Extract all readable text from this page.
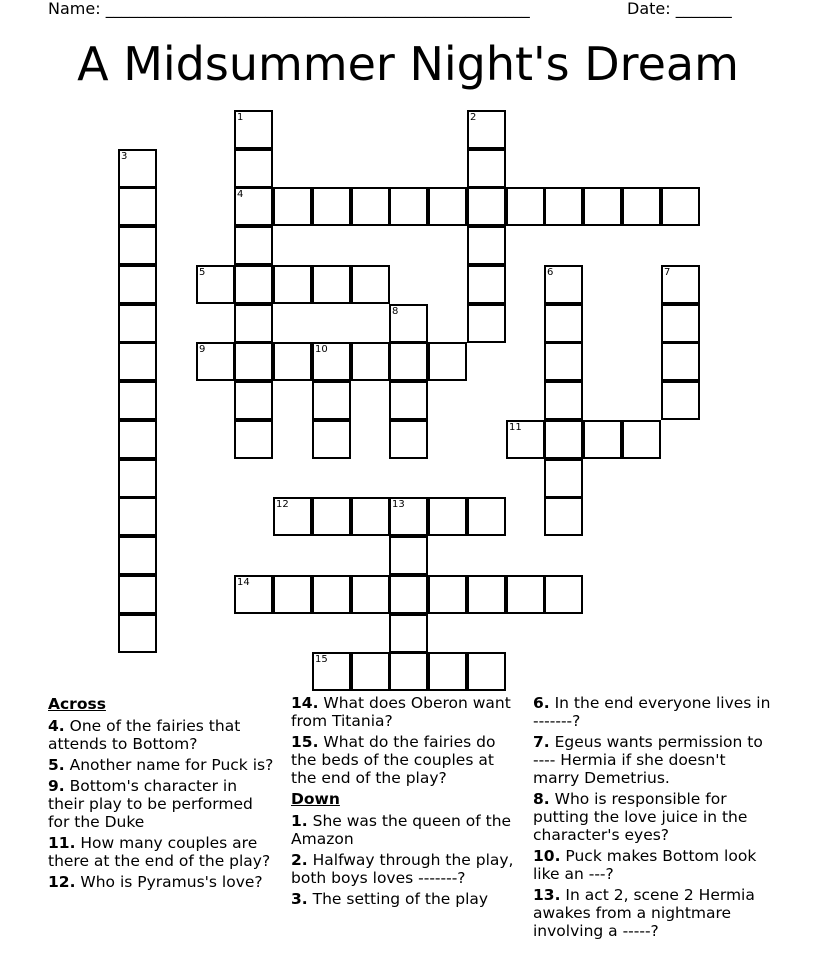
Name: _____________________________________________________	Date: _______
A Midsummer Night's Dream
1	2
3
4
5	6	7
8
9	10
11
12	13
14
15
Across
4. One of the fairies that attends to Bottom?
5. Another name for Puck is?
9. Bottom's character in their play to be performed for the Duke
11. How many couples are there at the end of the play?
12. Who is Pyramus's love?
14. What does Oberon want from Titania?
15. What do the fairies do the beds of the couples at the end of the play?
Down
1. She was the queen of the Amazon
2. Halfway through the play, both boys loves -------?
3. The setting of the play
6. In the end everyone lives in -------?
7. Egeus wants permission to ---- Hermia if she doesn't marry Demetrius.
8. Who is responsible for putting the love juice in the character's eyes?
10. Puck makes Bottom look like an ---?
13. In act 2, scene 2 Hermia awakes from a nightmare involving a -----?
